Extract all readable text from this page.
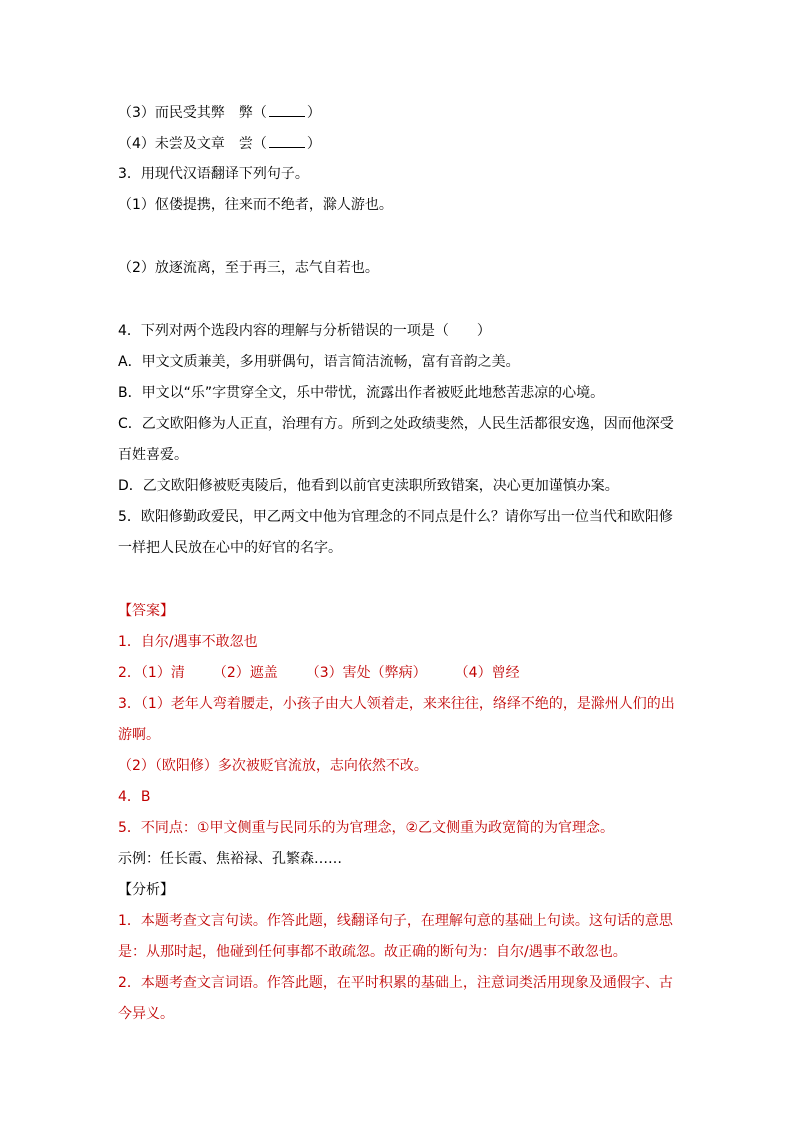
（3）而民受其弊　弊（	）
（4）未尝及文章　尝（	）
3．用现代汉语翻译下列句子。
（1）伛偻提携，往来而不绝者，滁人游也。
（2）放逐流离，至于再三，志气自若也。
4．下列对两个选段内容的理解与分析错误的一项是（　　）
A．甲文文质兼美，多用骈偶句，语言简洁流畅，富有音韵之美。
B．甲文以“乐”字贯穿全文，乐中带忧，流露出作者被贬此地愁苦悲凉的心境。
C．乙文欧阳修为人正直，治理有方。所到之处政绩斐然，人民生活都很安逸，因而他深受
百姓喜爱。
D．乙文欧阳修被贬夷陵后，他看到以前官吏渎职所致错案，决心更加谨慎办案。
5．欧阳修勤政爱民，甲乙两文中他为官理念的不同点是什么？请你写出一位当代和欧阳修
一样把人民放在心中的好官的名字。
【答案】
1．自尔/遇事不敢忽也
2．（1）清 （2）遮盖 （3）害处（弊病） （4）曾经
3．（1）老年人弯着腰走，小孩子由大人领着走，来来往往，络绎不绝的，是滁州人们的出
游啊。
（2）（欧阳修）多次被贬官流放，志向依然不改。
4．B
5．不同点：①甲文侧重与民同乐的为官理念，②乙文侧重为政宽简的为官理念。
示例：任长霞、焦裕禄、孔繁森……
【分析】
1．本题考查文言句读。作答此题，线翻译句子，在理解句意的基础上句读。这句话的意思
是：从那时起，他碰到任何事都不敢疏忽。故正确的断句为：自尔/遇事不敢忽也。
2．本题考查文言词语。作答此题，在平时积累的基础上，注意词类活用现象及通假字、古
今异义。
